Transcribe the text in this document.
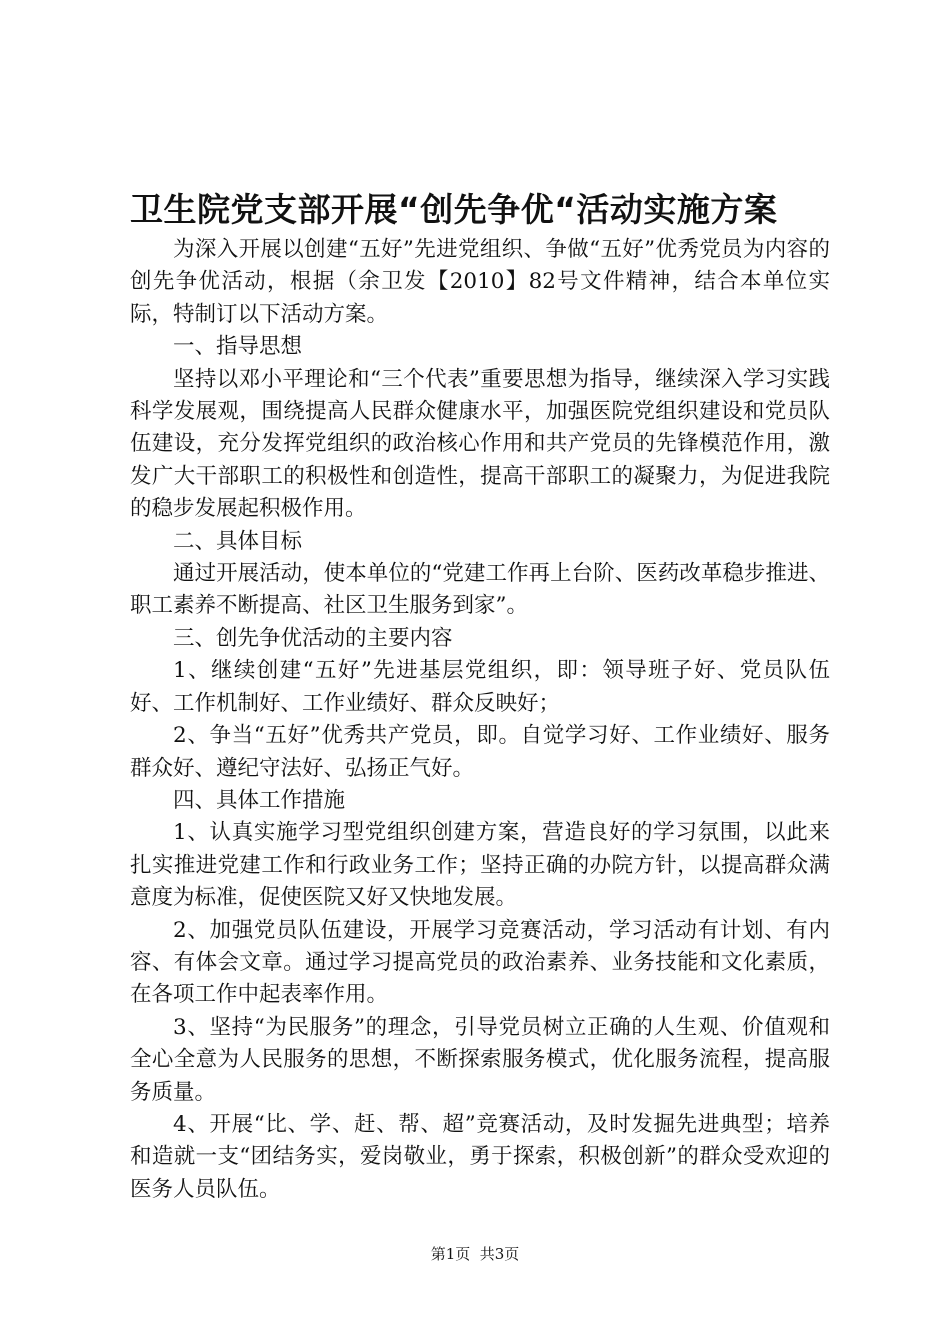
卫生院党支部开展“创先争优“活动实施方案

为深入开展以创建“五好”先进党组织、争做“五好”优秀党员为内容的创先争优活动，根据（余卫发【2010】82号文件精神，结合本单位实际，特制订以下活动方案。

一、指导思想

坚持以邓小平理论和“三个代表”重要思想为指导，继续深入学习实践科学发展观，围绕提高人民群众健康水平，加强医院党组织建设和党员队伍建设，充分发挥党组织的政治核心作用和共产党员的先锋模范作用，激发广大干部职工的积极性和创造性，提高干部职工的凝聚力，为促进我院的稳步发展起积极作用。

二、具体目标

通过开展活动，使本单位的“党建工作再上台阶、医药改革稳步推进、职工素养不断提高、社区卫生服务到家”。

三、创先争优活动的主要内容

1、继续创建“五好”先进基层党组织，即：领导班子好、党员队伍好、工作机制好、工作业绩好、群众反映好；

2、争当“五好”优秀共产党员，即。自觉学习好、工作业绩好、服务群众好、遵纪守法好、弘扬正气好。

四、具体工作措施

1、认真实施学习型党组织创建方案，营造良好的学习氛围，以此来扎实推进党建工作和行政业务工作；坚持正确的办院方针，以提高群众满意度为标准，促使医院又好又快地发展。

2、加强党员队伍建设，开展学习竞赛活动，学习活动有计划、有内容、有体会文章。通过学习提高党员的政治素养、业务技能和文化素质，在各项工作中起表率作用。

3、坚持“为民服务”的理念，引导党员树立正确的人生观、价值观和全心全意为人民服务的思想，不断探索服务模式，优化服务流程，提高服务质量。

4、开展“比、学、赶、帮、超”竞赛活动，及时发掘先进典型；培养和造就一支“团结务实，爱岗敬业，勇于探索，积极创新”的群众受欢迎的医务人员队伍。

第1页  共3页
